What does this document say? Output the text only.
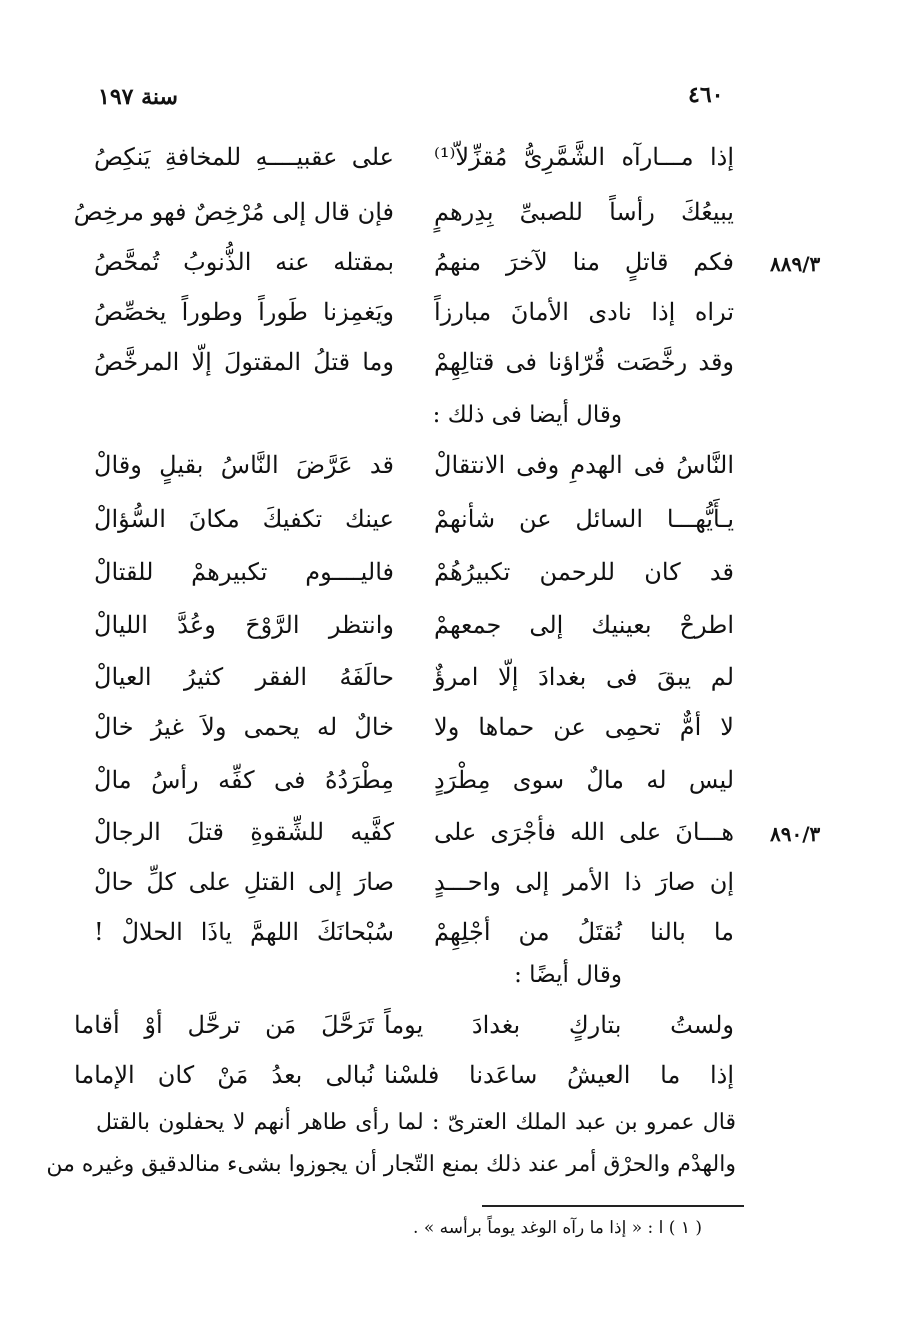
٤٦٠
سنة ١٩٧
إذا مـــارآه الشَّمَّرِىُّ مُقزِّلاّ⁽¹⁾
على عقبيــــهِ للمخافةِ يَنكِصُ
يبيعُكَ رأساً للصبىِّ بِدِرهمٍ
فإن قال إلى مُرْخِصٌ فهو مرخِصُ
فكم قاتلٍ منا لآخرَ منهمُ
بمقتله عنه الذُّنوبُ تُمحَّصُ	٨٨٩/٣
تراه إذا نادى الأمانَ مبارزاً
ويَغمِزنا طَوراً وطوراً يخصِّصُ
وقد رخَّصَت قُرّاؤنا فى قتالِهِمْ
وما قتلُ المقتولَ إلّا المرخَّصُ
وقال أيضا فى ذلك :
النَّاسُ فى الهدمِ وفى الانتقالْ
قد عَرَّضَ النَّاسُ بقيلٍ وقالْ
يـأَيُّهـــا السائل عن شأنهمْ
عينك تكفيكَ مكانَ السُّؤالْ
قد كان للرحمن تكبيرُهُمْ
فاليــــوم تكبيرهمْ للقتالْ
اطرحْ بعينيك إلى جمعهمْ
وانتظر الرَّوْحَ وعُدَّ الليالْ
لم يبقَ فى بغدادَ إلّا امرؤٌ
حالَفَهُ الفقر كثيرُ العيالْ
لا أمٌّ تحمِى عن حماها ولا
خالٌ له يحمى ولاَ غيرُ خالْ
ليس له مالٌ سوى مِطْرَدٍ
مِطْرَدُهُ فى كفِّه رأسُ مالْ
هـــانَ على الله فأجْرَى على
كفَّيه للشِّقوةِ قتلَ الرجالْ	٨٩٠/٣
إن صارَ ذا الأمر إلى واحـــدٍ
صارَ إلى القتلِ على كلِّ حالْ
ما بالنا نُقتَلُ من أجْلِهِمْ
سُبْحانَكَ اللهمَّ ياذَا الحلالْ !
وقال أيضًا :
ولستُ بتاركٍ بغدادَ يوماً
تَرَحَّلَ مَن ترحَّل أوْ أقاما
إذا ما العيشُ ساعَدنا فلسْنا
نُبالى بعدُ مَنْ كان الإماما
قال عمرو بن عبد الملك العترىّ : لما رأى طاهر أنهم لا يحفلون بالقتل
والهدْم والحرْق أمر عند ذلك بمنع التّجار أن يجوزوا بشىء منالدقيق وغيره من
( ١ ) ا : « إذا ما رآه الوغد يوماً برأسه » .
